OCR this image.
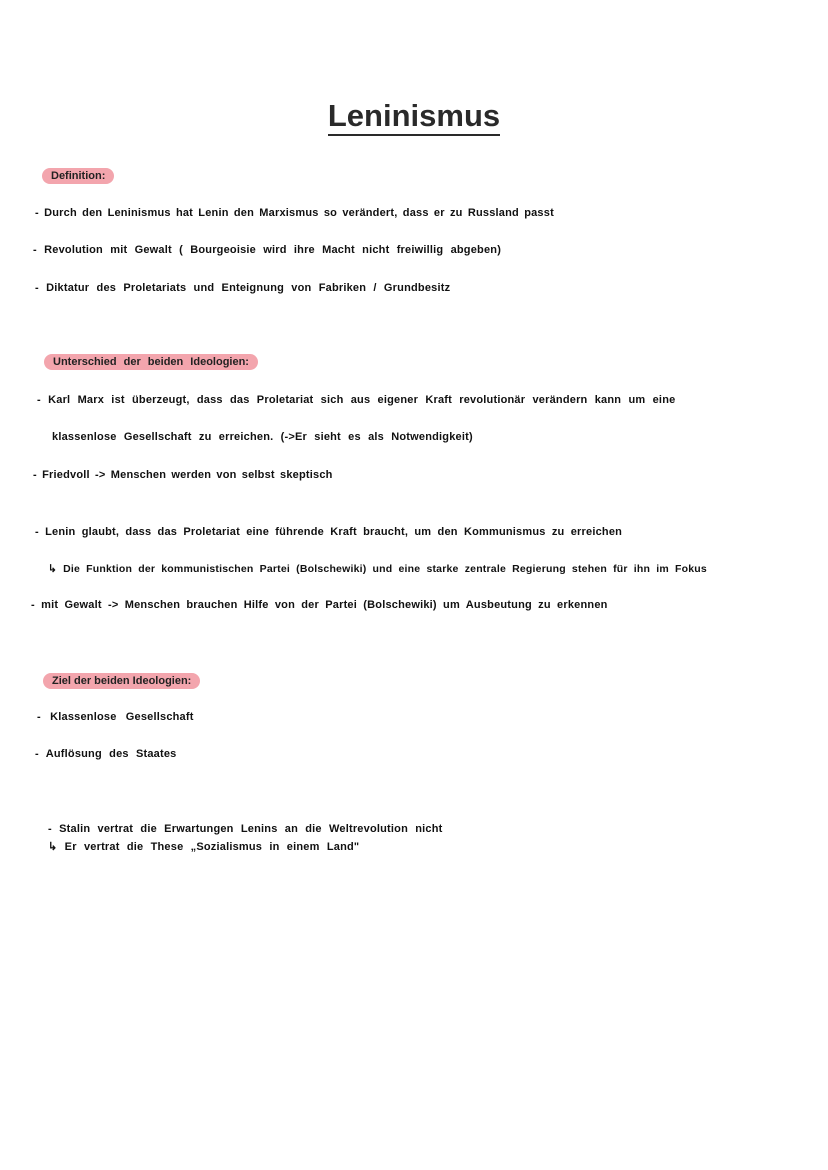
Leninismus
Definition:
- Durch den Leninismus hat Lenin den Marxismus so verändert, dass er zu Russland passt
- Revolution mit Gewalt ( Bourgeoisie wird ihre Macht nicht freiwillig abgeben)
- Diktatur des Proletariats und Enteignung von Fabriken / Grundbesitz
Unterschied der beiden Ideologien:
- Karl Marx ist überzeugt, dass das Proletariat sich aus eigener Kraft revolutionär verändern kann um eine
klassenlose Gesellschaft zu erreichen. (->Er sieht es als Notwendigkeit)
- Friedvoll -> Menschen werden von selbst skeptisch
- Lenin glaubt, dass das Proletariat eine führende Kraft braucht, um den Kommunismus zu erreichen
↳ Die Funktion der kommunistischen Partei (Bolschewiki) und eine starke zentrale Regierung stehen für ihn im Fokus
- mit Gewalt -> Menschen brauchen Hilfe von der Partei (Bolschewiki) um Ausbeutung zu erkennen
Ziel der beiden Ideologien:
- Klassenlose Gesellschaft
- Auflösung des Staates
- Stalin vertrat die Erwartungen Lenins an die Weltrevolution nicht
↳ Er vertrat die These „Sozialismus in einem Land"
